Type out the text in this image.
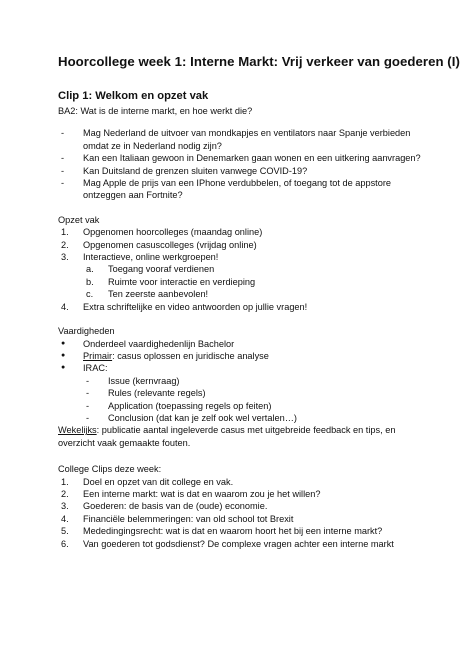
Hoorcollege week 1: Interne Markt: Vrij verkeer van goederen (I)
Clip 1: Welkom en opzet vak
BA2: Wat is de interne markt, en hoe werkt die?
- Mag Nederland de uitvoer van mondkapjes en ventilators naar Spanje verbieden omdat ze in Nederland nodig zijn?
- Kan een Italiaan gewoon in Denemarken gaan wonen en een uitkering aanvragen?
- Kan Duitsland de grenzen sluiten vanwege COVID-19?
- Mag Apple de prijs van een IPhone verdubbelen, of toegang tot de appstore ontzeggen aan Fortnite?
Opzet vak
1. Opgenomen hoorcolleges (maandag online)
2. Opgenomen casuscolleges (vrijdag online)
3. Interactieve, online werkgroepen!
a. Toegang vooraf verdienen
b. Ruimte voor interactie en verdieping
c. Ten zeerste aanbevolen!
4. Extra schriftelijke en video antwoorden op jullie vragen!
Vaardigheden
● Onderdeel vaardighedenlijn Bachelor
● Primair: casus oplossen en juridische analyse
● IRAC:
- Issue (kernvraag)
- Rules (relevante regels)
- Application (toepassing regels op feiten)
- Conclusion (dat kan je zelf ook wel vertalen…)
Wekelijks: publicatie aantal ingeleverde casus met uitgebreide feedback en tips, en overzicht vaak gemaakte fouten.
College Clips deze week:
1. Doel en opzet van dit college en vak.
2. Een interne markt: wat is dat en waarom zou je het willen?
3. Goederen: de basis van de (oude) economie.
4. Financiële belemmeringen: van old school tot Brexit
5. Mededingingsrecht: wat is dat en waarom hoort het bij een interne markt?
6. Van goederen tot godsdienst? De complexe vragen achter een interne markt
